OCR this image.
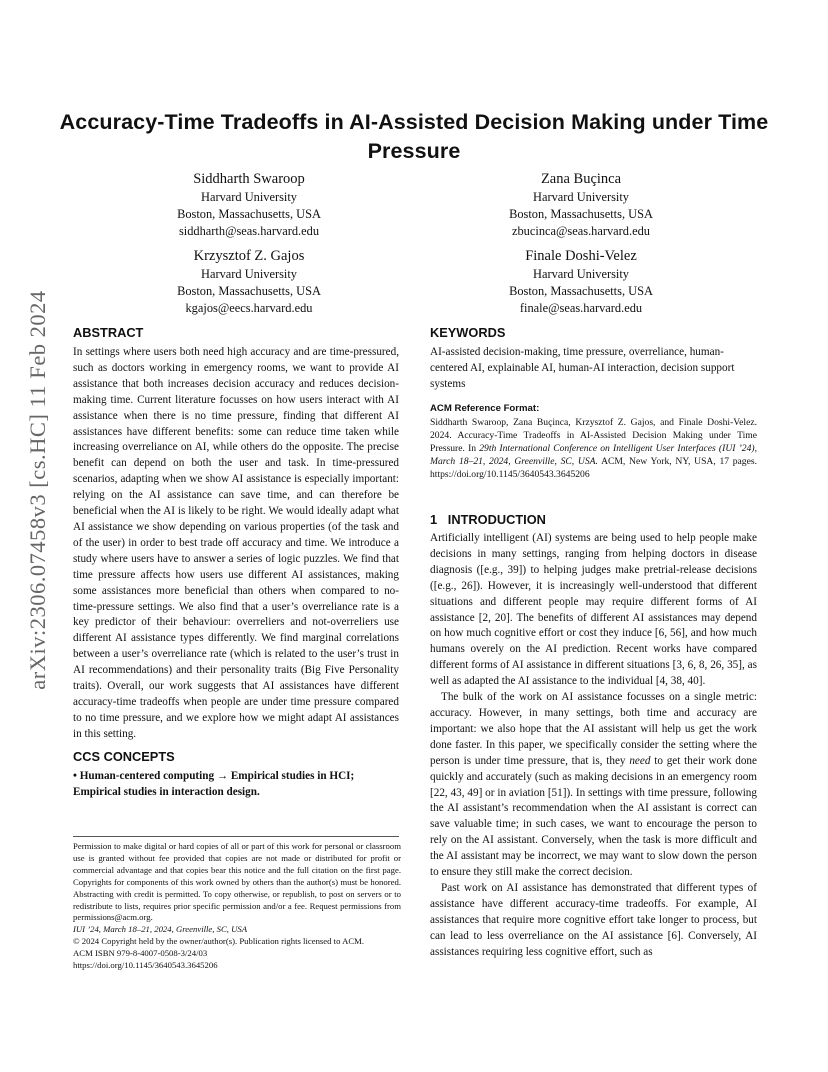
Accuracy-Time Tradeoffs in AI-Assisted Decision Making under Time Pressure
arXiv:2306.07458v3 [cs.HC] 11 Feb 2024
Siddharth Swaroop
Harvard University
Boston, Massachusetts, USA
siddharth@seas.harvard.edu
Zana Buçinca
Harvard University
Boston, Massachusetts, USA
zbucinca@seas.harvard.edu
Krzysztof Z. Gajos
Harvard University
Boston, Massachusetts, USA
kgajos@eecs.harvard.edu
Finale Doshi-Velez
Harvard University
Boston, Massachusetts, USA
finale@seas.harvard.edu
ABSTRACT
In settings where users both need high accuracy and are time-pressured, such as doctors working in emergency rooms, we want to provide AI assistance that both increases decision accuracy and reduces decision-making time. Current literature focusses on how users interact with AI assistance when there is no time pressure, finding that different AI assistances have different benefits: some can reduce time taken while increasing overreliance on AI, while others do the opposite. The precise benefit can depend on both the user and task. In time-pressured scenarios, adapting when we show AI assistance is especially important: relying on the AI assistance can save time, and can therefore be beneficial when the AI is likely to be right. We would ideally adapt what AI assistance we show depending on various properties (of the task and of the user) in order to best trade off accuracy and time. We introduce a study where users have to answer a series of logic puzzles. We find that time pressure affects how users use different AI assistances, making some assistances more beneficial than others when compared to no-time-pressure settings. We also find that a user’s overreliance rate is a key predictor of their behaviour: overreliers and not-overreliers use different AI assistance types differently. We find marginal correlations between a user’s overreliance rate (which is related to the user’s trust in AI recommendations) and their personality traits (Big Five Personality traits). Overall, our work suggests that AI assistances have different accuracy-time tradeoffs when people are under time pressure compared to no time pressure, and we explore how we might adapt AI assistances in this setting.
CCS CONCEPTS
• Human-centered computing → Empirical studies in HCI; Empirical studies in interaction design.
Permission to make digital or hard copies of all or part of this work for personal or classroom use is granted without fee provided that copies are not made or distributed for profit or commercial advantage and that copies bear this notice and the full citation on the first page. Copyrights for components of this work owned by others than the author(s) must be honored. Abstracting with credit is permitted. To copy otherwise, or republish, to post on servers or to redistribute to lists, requires prior specific permission and/or a fee. Request permissions from permissions@acm.org.
IUI ’24, March 18–21, 2024, Greenville, SC, USA
© 2024 Copyright held by the owner/author(s). Publication rights licensed to ACM.
ACM ISBN 979-8-4007-0508-3/24/03
https://doi.org/10.1145/3640543.3645206
KEYWORDS
AI-assisted decision-making, time pressure, overreliance, human-centered AI, explainable AI, human-AI interaction, decision support systems
ACM Reference Format:
Siddharth Swaroop, Zana Buçinca, Krzysztof Z. Gajos, and Finale Doshi-Velez. 2024. Accuracy-Time Tradeoffs in AI-Assisted Decision Making under Time Pressure. In 29th International Conference on Intelligent User Interfaces (IUI ’24), March 18–21, 2024, Greenville, SC, USA. ACM, New York, NY, USA, 17 pages. https://doi.org/10.1145/3640543.3645206
1   INTRODUCTION
Artificially intelligent (AI) systems are being used to help people make decisions in many settings, ranging from helping doctors in disease diagnosis ([e.g., 39]) to helping judges make pretrial-release decisions ([e.g., 26]). However, it is increasingly well-understood that different situations and different people may require different forms of AI assistance [2, 20]. The benefits of different AI assistances may depend on how much cognitive effort or cost they induce [6, 56], and how much humans overely on the AI prediction. Recent works have compared different forms of AI assistance in different situations [3, 6, 8, 26, 35], as well as adapted the AI assistance to the individual [4, 38, 40].
The bulk of the work on AI assistance focusses on a single metric: accuracy. However, in many settings, both time and accuracy are important: we also hope that the AI assistant will help us get the work done faster. In this paper, we specifically consider the setting where the person is under time pressure, that is, they need to get their work done quickly and accurately (such as making decisions in an emergency room [22, 43, 49] or in aviation [51]). In settings with time pressure, following the AI assistant’s recommendation when the AI assistant is correct can save valuable time; in such cases, we want to encourage the person to rely on the AI assistant. Conversely, when the task is more difficult and the AI assistant may be incorrect, we may want to slow down the person to ensure they still make the correct decision.
Past work on AI assistance has demonstrated that different types of assistance have different accuracy-time tradeoffs. For example, AI assistances that require more cognitive effort take longer to process, but can lead to less overreliance on the AI assistance [6]. Conversely, AI assistances requiring less cognitive effort, such as
